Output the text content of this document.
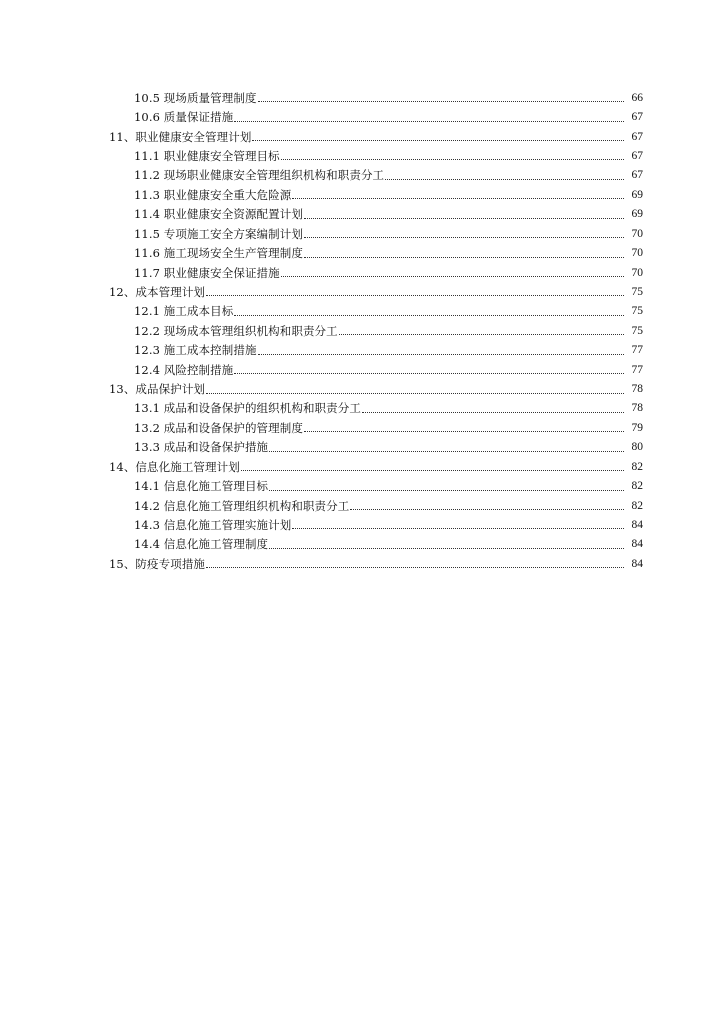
10.5 现场质量管理制度	66
10.6 质量保证措施	67
11、职业健康安全管理计划	67
11.1 职业健康安全管理目标	67
11.2 现场职业健康安全管理组织机构和职责分工	67
11.3 职业健康安全重大危险源	69
11.4 职业健康安全资源配置计划	69
11.5 专项施工安全方案编制计划	70
11.6 施工现场安全生产管理制度	70
11.7 职业健康安全保证措施	70
12、成本管理计划	75
12.1 施工成本目标	75
12.2 现场成本管理组织机构和职责分工	75
12.3 施工成本控制措施	77
12.4 风险控制措施	77
13、成品保护计划	78
13.1 成品和设备保护的组织机构和职责分工	78
13.2 成品和设备保护的管理制度	79
13.3 成品和设备保护措施	80
14、信息化施工管理计划	82
14.1 信息化施工管理目标	82
14.2 信息化施工管理组织机构和职责分工	82
14.3 信息化施工管理实施计划	84
14.4 信息化施工管理制度	84
15、防疫专项措施	84
